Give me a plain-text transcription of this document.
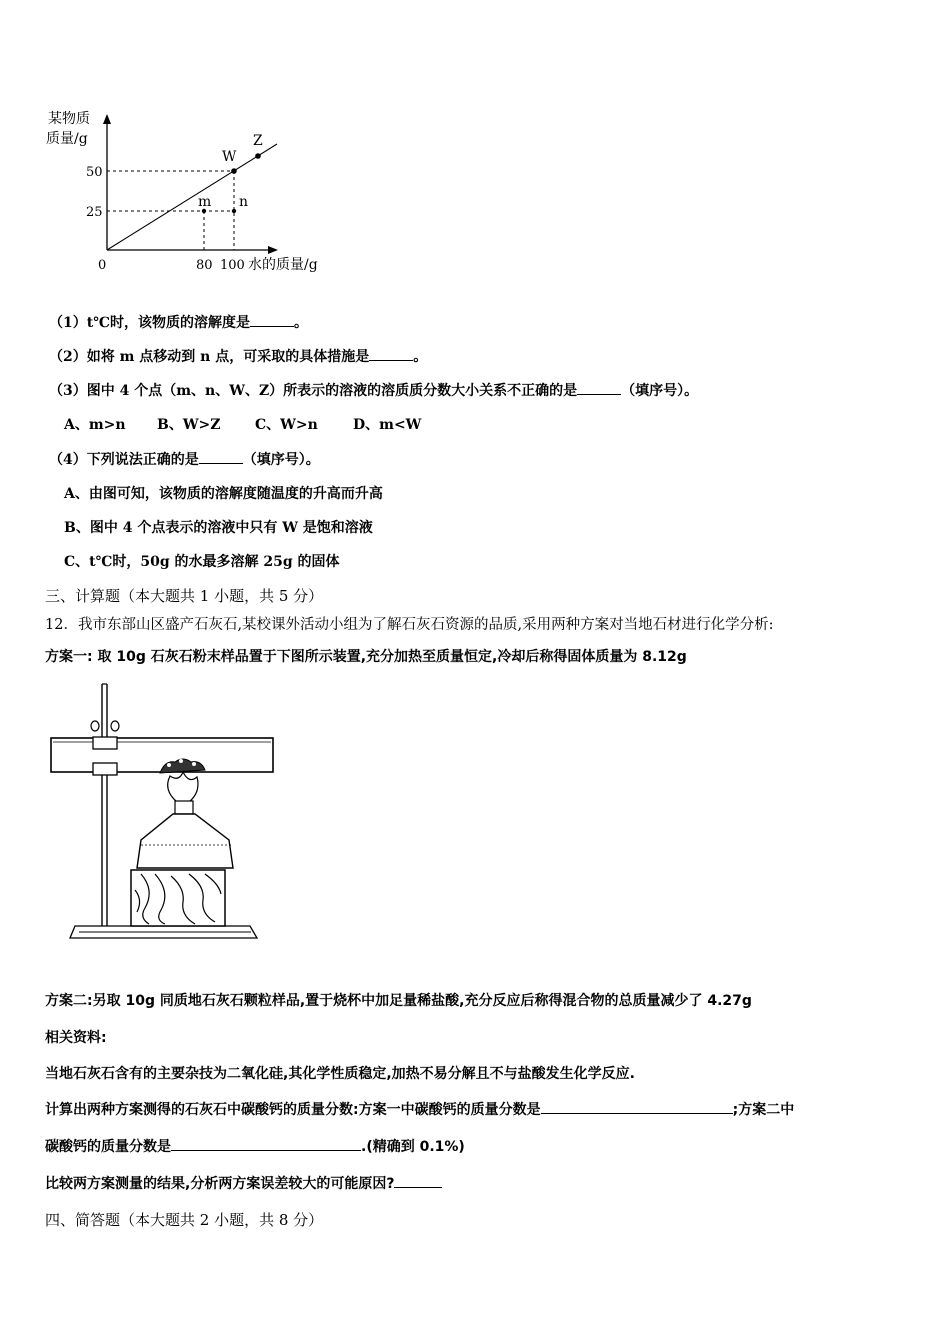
某物质
质量/g
50
25
0	80 100 水的质量/g
W
Z
m n
（1）t℃时，该物质的溶解度是	。
（2）如将 m 点移动到 n 点，可采取的具体措施是	。
（3）图中 4 个点（m、n、W、Z）所表示的溶液的溶质质分数大小关系不正确的是	（填序号）。
A、m>n B、W>Z C、W>n	D、m<W
（4）下列说法正确的是	（填序号）。
A、由图可知，该物质的溶解度随温度的升高而升高
B、图中 4 个点表示的溶液中只有 W 是饱和溶液
C、t℃时，50g 的水最多溶解 25g 的固体
三、计算题（本大题共 1 小题，共 5 分）
12．我市东部山区盛产石灰石,某校课外活动小组为了解石灰石资源的品质,采用两种方案对当地石材进行化学分析:
方案一: 取 10g 石灰石粉末样品置于下图所示装置,充分加热至质量恒定,冷却后称得固体质量为 8.12g
方案二:另取 10g 同质地石灰石颗粒样品,置于烧杯中加足量稀盐酸,充分反应后称得混合物的总质量减少了 4.27g
相关资料:
当地石灰石含有的主要杂技为二氧化硅,其化学性质稳定,加热不易分解且不与盐酸发生化学反应.
计算出两种方案测得的石灰石中碳酸钙的质量分数:方案一中碳酸钙的质量分数是	;方案二中
碳酸钙的质量分数是	.(精确到 0.1%)
比较两方案测量的结果,分析两方案误差较大的可能原因?
四、简答题（本大题共 2 小题，共 8 分）
